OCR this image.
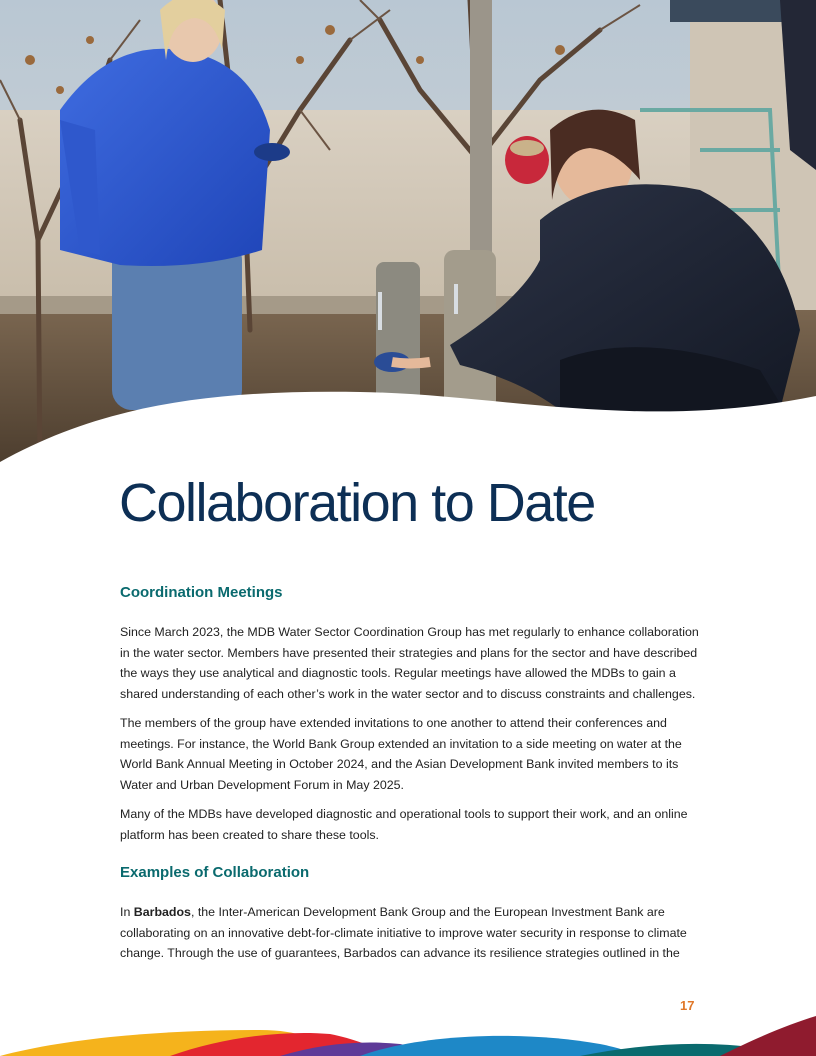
Collaboration to Date
Coordination Meetings

Since March 2023, the MDB Water Sector Coordination Group has met regularly to enhance collaboration in the water sector. Members have presented their strategies and plans for the sector and have described the ways they use analytical and diagnostic tools. Regular meetings have allowed the MDBs to gain a shared understanding of each other’s work in the water sector and to discuss constraints and challenges.

The members of the group have extended invitations to one another to attend their conferences and meetings. For instance, the World Bank Group extended an invitation to a side meeting on water at the World Bank Annual Meeting in October 2024, and the Asian Development Bank invited members to its Water and Urban Development Forum in May 2025.

Many of the MDBs have developed diagnostic and operational tools to support their work, and an online platform has been created to share these tools.

Examples of Collaboration

In Barbados, the Inter-American Development Bank Group and the European Investment Bank are collaborating on an innovative debt-for-climate initiative to improve water security in response to climate change. Through the use of guarantees, Barbados can advance its resilience strategies outlined in the

17
